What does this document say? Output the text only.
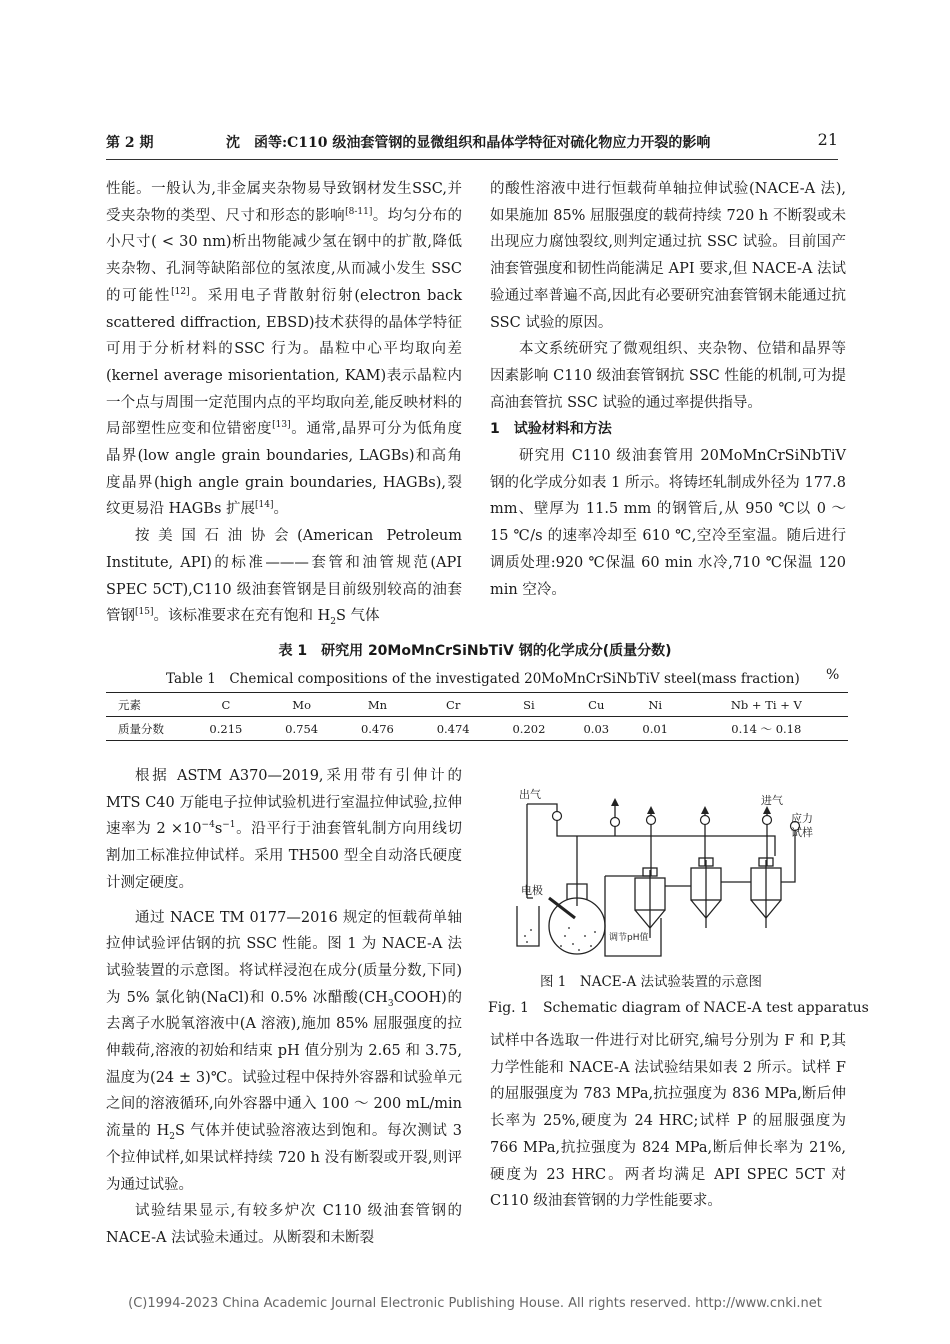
第 2 期	沈　函等:C110 级油套管钢的显微组织和晶体学特征对硫化物应力开裂的影响	21

性能。一般认为,非金属夹杂物易导致钢材发生SSC,并受夹杂物的类型、尺寸和形态的影响[8-11]。均匀分布的小尺寸( < 30 nm)析出物能减少氢在钢中的扩散,降低夹杂物、孔洞等缺陷部位的氢浓度,从而减小发生 SSC 的可能性[12]。采用电子背散射衍射(electron back scattered diffraction, EBSD)技术获得的晶体学特征可用于分析材料的SSC 行为。晶粒中心平均取向差(kernel average misorientation, KAM)表示晶粒内一个点与周围一定范围内点的平均取向差,能反映材料的局部塑性应变和位错密度[13]。通常,晶界可分为低角度晶界(low angle grain boundaries, LAGBs)和高角度晶界(high angle grain boundaries, HAGBs),裂纹更易沿 HAGBs 扩展[14]。

按美国石油协会(American Petroleum Institute, API)的标准———套管和油管规范(API SPEC 5CT),C110 级油套管钢是目前级别较高的油套管钢[15]。该标准要求在充有饱和 $H_2S$ 气体

的酸性溶液中进行恒载荷单轴拉伸试验(NACE-A 法),如果施加 85% 屈服强度的载荷持续 720 h 不断裂或未出现应力腐蚀裂纹,则判定通过抗 SSC 试验。目前国产油套管强度和韧性尚能满足 API 要求,但 NACE-A 法试验通过率普遍不高,因此有必要研究油套管钢未能通过抗 SSC 试验的原因。

本文系统研究了微观组织、夹杂物、位错和晶界等因素影响 C110 级油套管钢抗 SSC 性能的机制,可为提高油套管抗 SSC 试验的通过率提供指导。

1　试验材料和方法

研究用 C110 级油套管用 20MoMnCrSiNbTiV 钢的化学成分如表 1 所示。将铸坯轧制成外径为 177.8 mm、壁厚为 11.5 mm 的钢管后,从 950 ℃以 0 ～ 15 ℃/s 的速率冷却至 610 ℃,空冷至室温。随后进行调质处理:920 ℃保温 60 min 水冷,710 ℃保温 120 min 空冷。

表 1　研究用 20MoMnCrSiNbTiV 钢的化学成分(质量分数)
Table 1　Chemical compositions of the investigated 20MoMnCrSiNbTiV steel(mass fraction) %
元素	C	Mo	Mn	Cr	Si	Cu	Ni	Nb + Ti + V
质量分数	0.215	0.754	0.476	0.474	0.202	0.03	0.01	0.14 ～ 0.18

根据 ASTM A370—2019,采用带有引伸计的 MTS C40 万能电子拉伸试验机进行室温拉伸试验,拉伸速率为 $2 \times 10^{-4}s^{-1}$。沿平行于油套管轧制方向用线切割加工标准拉伸试样。采用 TH500 型全自动洛氏硬度计测定硬度。

通过 NACE TM 0177—2016 规定的恒载荷单轴拉伸试验评估钢的抗 SSC 性能。图 1 为 NACE-A 法试验装置的示意图。将试样浸泡在成分(质量分数,下同)为 5% 氯化钠(NaCl)和 0.5% 冰醋酸$(CH_3COOH)$的去离子水脱氧溶液中(A 溶液),施加 85% 屈服强度的拉伸载荷,溶液的初始和结束 pH 值分别为 2.65 和 3.75,温度为(24 ± 3)℃。试验过程中保持外容器和试验单元之间的溶液循环,向外容器中通入 100 ～ 200 mL/min 流量的 $H_2S$ 气体并使试验溶液达到饱和。每次测试 3 个拉伸试样,如果试样持续 720 h 没有断裂或开裂,则评为通过试验。

试验结果显示,有较多炉次 C110 级油套管钢的 NACE-A 法试验未通过。从断裂和未断裂

出气	进气
应力
试样
电极
调节pH值
图 1　NACE-A 法试验装置的示意图
Fig. 1　Schematic diagram of NACE-A test apparatus

试样中各选取一件进行对比研究,编号分别为 F 和 P,其力学性能和 NACE-A 法试验结果如表 2 所示。试样 F 的屈服强度为 783 MPa,抗拉强度为 836 MPa,断后伸长率为 25%,硬度为 24 HRC;试样 P 的屈服强度为 766 MPa,抗拉强度为 824 MPa,断后伸长率为 21%,硬度为 23 HRC。两者均满足 API SPEC 5CT 对 C110 级油套管钢的力学性能要求。

(C)1994-2023 China Academic Journal Electronic Publishing House. All rights reserved. http://www.cnki.net
